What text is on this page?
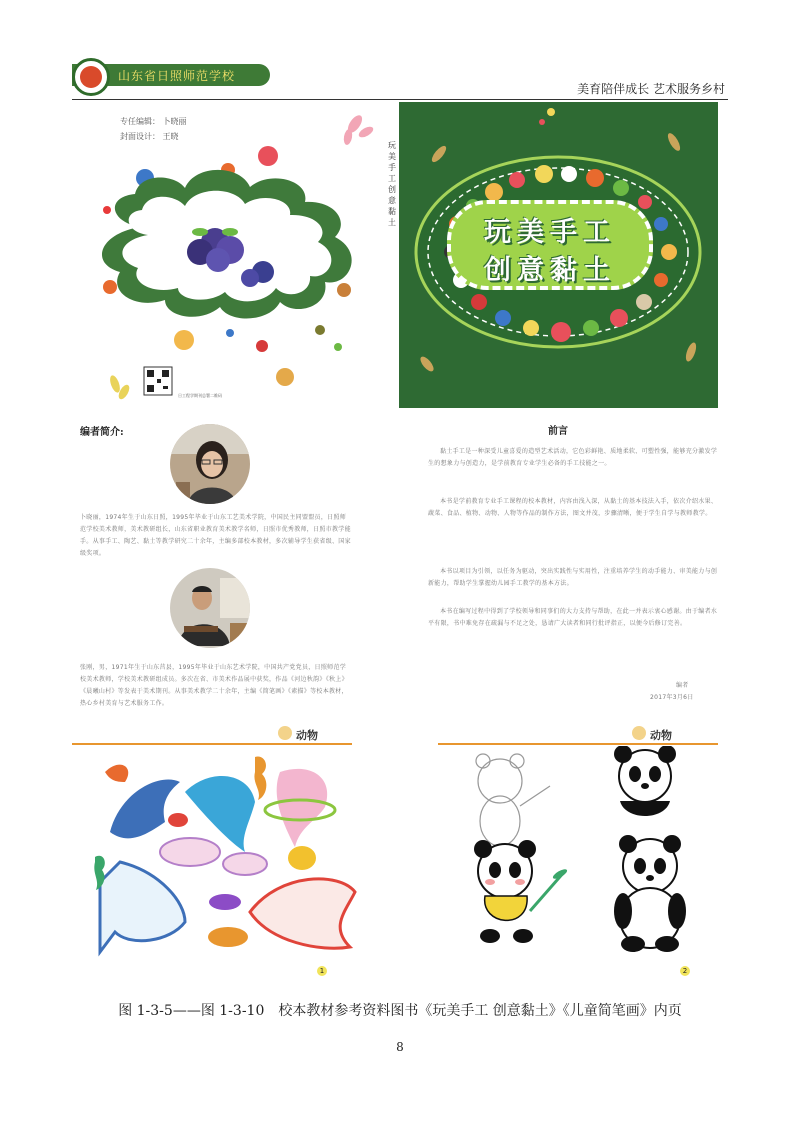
山东省日照师范学校
美育陪伴成长 艺术服务乡村
专任编辑： 卜晓丽
封面设计： 王晓
日工程学期刊总署二维码
玩美手工 创意黏土	玩美手工
创意黏土
编者简介:
卜晓丽，1974年生于山东日照，1995年毕业于山东工艺美术学院，中国民主同盟盟员，日照师范学校美术教师，美术教研组长，山东省职业教育美术教学名师，日照市优秀教师，日照市教学能手。从事手工、陶艺、黏土等教学研究二十余年，主编多部校本教材，多次辅导学生获省级、国家级奖项。
张刚，男，1971年生于山东莒县，1995年毕业于山东艺术学院，中国共产党党员，日照师范学校美术教师，学校美术教研组成员。多次在省、市美术作品展中获奖，作品《河边秋韵》《秋上》《晨曦山村》等发表于美术期刊。从事美术教学二十余年，主编《简笔画》《素描》等校本教材，热心乡村美育与艺术服务工作。
前言
黏土手工是一种深受儿童喜爱的造型艺术活动，它色彩鲜艳、质地柔软、可塑性强，能够充分激发学生的想象力与创造力，是学前教育专业学生必备的手工技能之一。
本书是学前教育专业手工课程的校本教材，内容由浅入深，从黏土的基本技法入手，依次介绍水果、蔬菜、食品、植物、动物、人物等作品的制作方法，图文并茂，步骤清晰，便于学生自学与教师教学。
本书以项目为引领，以任务为驱动，突出实践性与实用性，注重培养学生的动手能力、审美能力与创新能力，帮助学生掌握幼儿园手工教学的基本方法。
本书在编写过程中得到了学校领导和同事们的大力支持与帮助，在此一并表示衷心感谢。由于编者水平有限，书中难免存在疏漏与不足之处，恳请广大读者和同行批评指正，以便今后修订完善。
编者
2017年3月6日
动物
1
动物
2
图 1-3-5——图 1-3-10　校本教材参考资料图书《玩美手工 创意黏土》《儿童简笔画》内页
8
